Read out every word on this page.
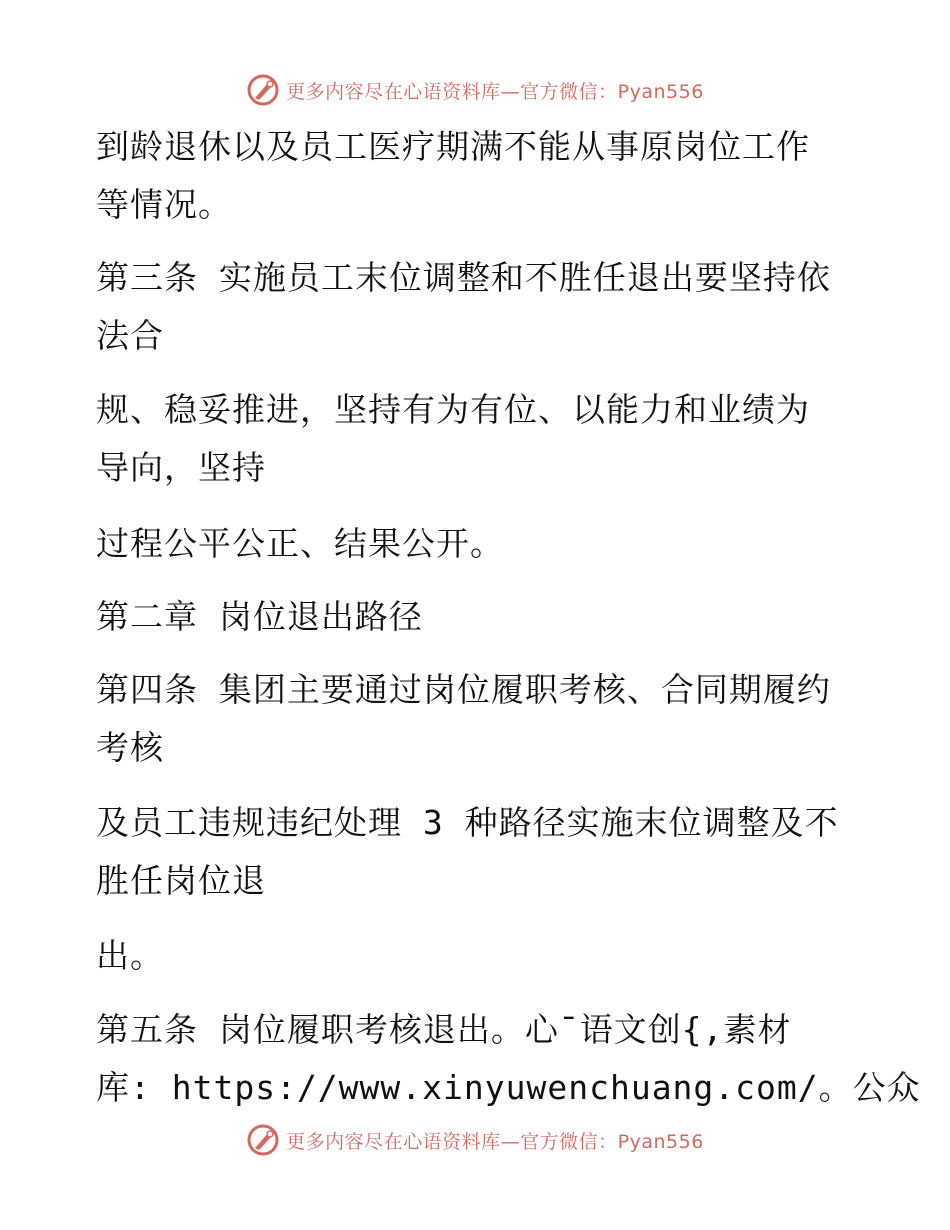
更多内容尽在心语资料库—官方微信：Pyan556
到龄退休以及员工医疗期满不能从事原岗位工作
等情况。
第三条 实施员工末位调整和不胜任退出要坚持依
法合
规、稳妥推进，坚持有为有位、以能力和业绩为
导向，坚持
过程公平公正、结果公开。
第二章 岗位退出路径
第四条 集团主要通过岗位履职考核、合同期履约
考核
及员工违规违纪处理 3 种路径实施末位调整及不
胜任岗位退
出。
第五条 岗位履职考核退出。心¯语文创{,素材
库: https://www.xinyuwenchuang.com/。公众
更多内容尽在心语资料库—官方微信：Pyan556
